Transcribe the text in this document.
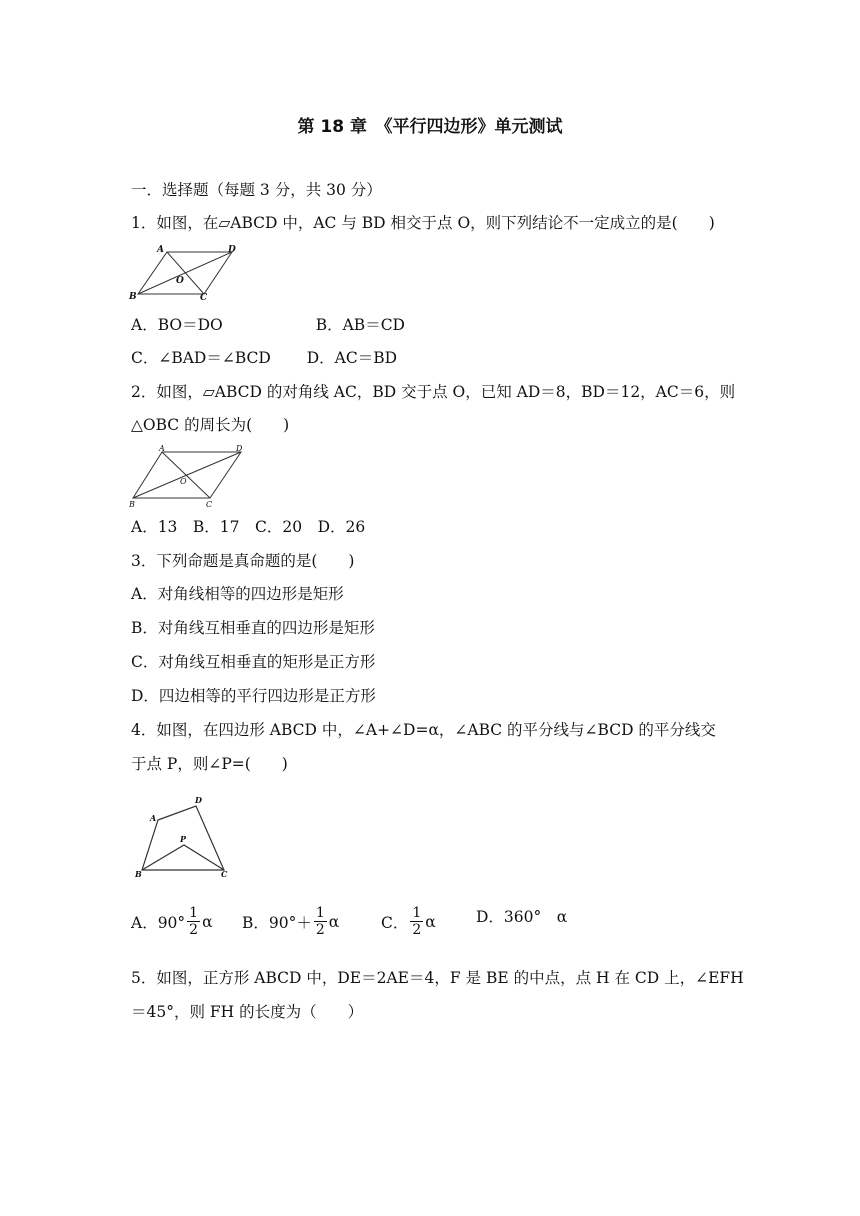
第 18 章　《平行四边形》单元测试
一．选择题（每题 3 分，共 30 分）
1．如图，在▱ABCD 中，AC 与 BD 相交于点 O，则下列结论不一定成立的是(　　)
A	D
O
B	C
A．BO＝DO　　　　　　B．AB＝CD
C．∠BAD＝∠BCD　　 D．AC＝BD
2．如图，▱ABCD 的对角线 AC，BD 交于点 O，已知 AD＝8，BD＝12，AC＝6，则
△OBC 的周长为(　　)
A	D
O
B	C
A．13　B．17　C．20　D．26
3．下列命题是真命题的是(　　)
A．对角线相等的四边形是矩形
B．对角线互相垂直的四边形是矩形
C．对角线互相垂直的矩形是正方形
D．四边相等的平行四边形是正方形
4．如图，在四边形 ABCD 中，∠A+∠D=α，∠ABC 的平分线与∠BCD 的平分线交
于点 P，则∠P=(　　)
D
A
P
B	C
A．$90^\circ \frac{1}{2}$ α B．$90^\circ+ \frac{1}{2}$ α	C． $\frac{1}{2}$ α	D．360°　α
5．如图，正方形 ABCD 中，DE＝2AE＝4，F 是 BE 的中点，点 H 在 CD 上，∠EFH
＝45°，则 FH 的长度为（　　）
